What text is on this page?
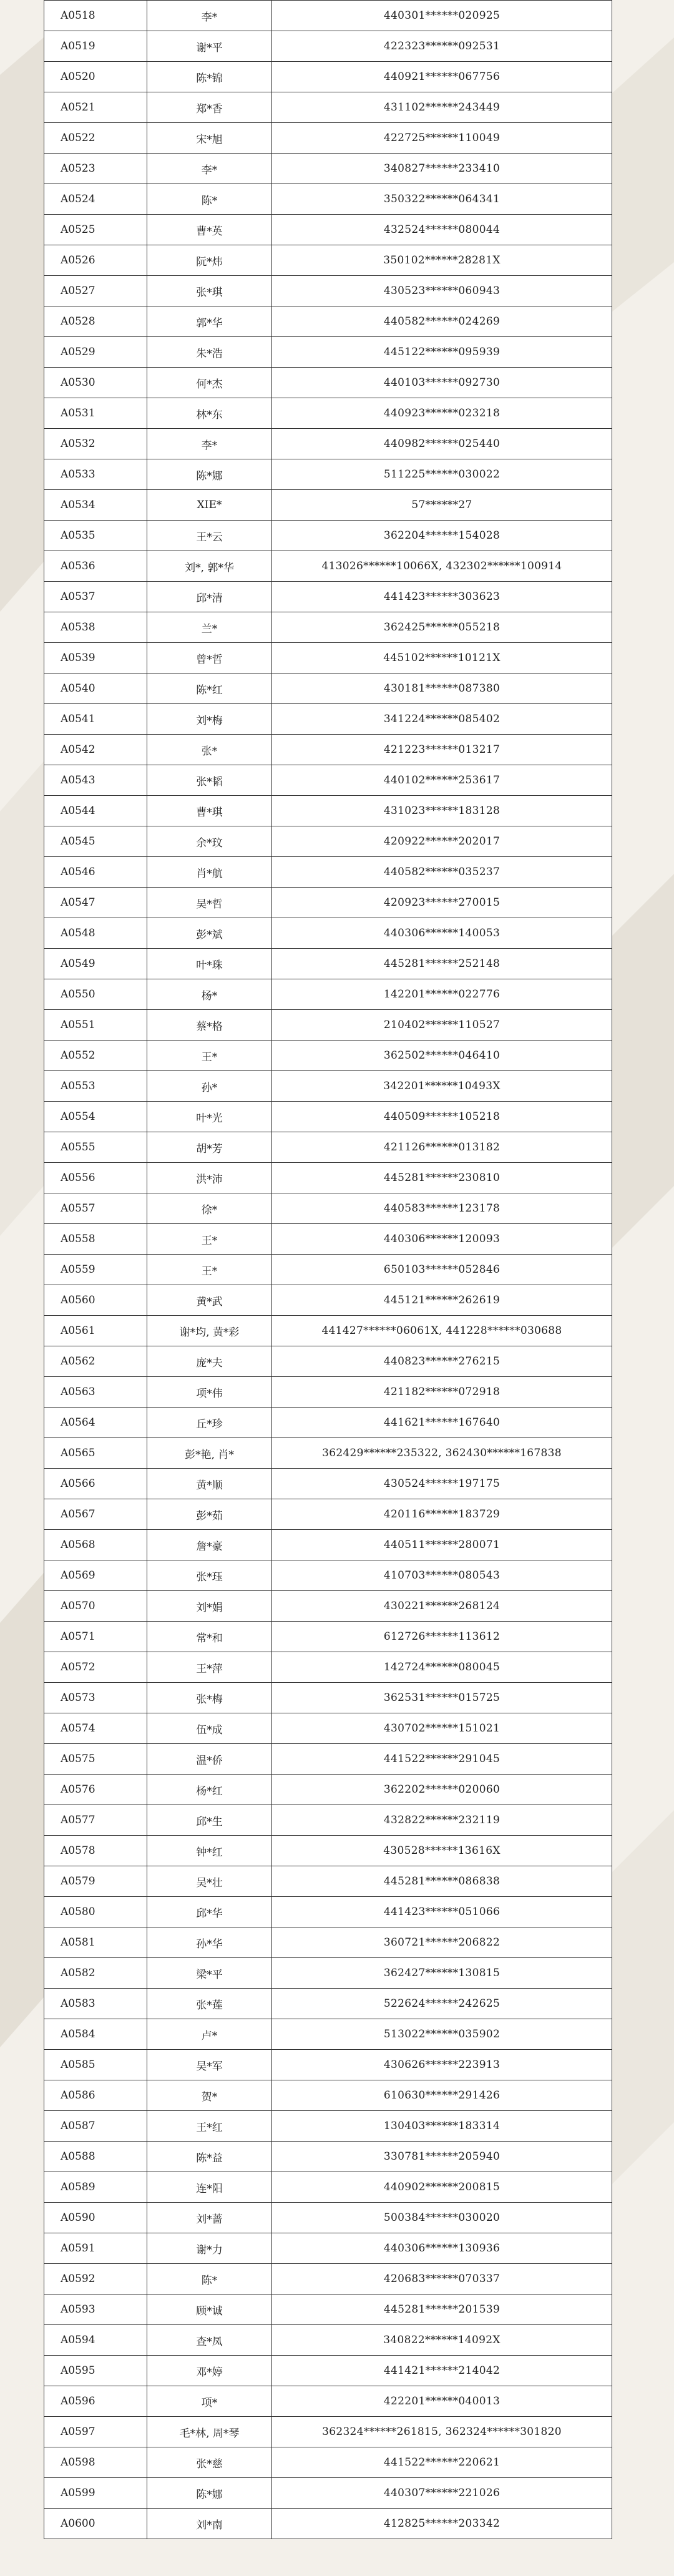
A0518	李*	440301******020925
A0519	谢*平	422323******092531
A0520	陈*锦	440921******067756
A0521	郑*香	431102******243449
A0522	宋*旭	422725******110049
A0523	李*	340827******233410
A0524	陈*	350322******064341
A0525	曹*英	432524******080044
A0526	阮*炜	350102******28281X
A0527	张*琪	430523******060943
A0528	郭*华	440582******024269
A0529	朱*浩	445122******095939
A0530	何*杰	440103******092730
A0531	林*东	440923******023218
A0532	李*	440982******025440
A0533	陈*娜	511225******030022
A0534	XIE*	57******27
A0535	王*云	362204******154028
A0536	刘*, 郭*华	413026******10066X, 432302******100914
A0537	邱*清	441423******303623
A0538	兰*	362425******055218
A0539	曾*哲	445102******10121X
A0540	陈*红	430181******087380
A0541	刘*梅	341224******085402
A0542	张*	421223******013217
A0543	张*韬	440102******253617
A0544	曹*琪	431023******183128
A0545	余*玟	420922******202017
A0546	肖*航	440582******035237
A0547	吴*哲	420923******270015
A0548	彭*斌	440306******140053
A0549	叶*珠	445281******252148
A0550	杨*	142201******022776
A0551	蔡*格	210402******110527
A0552	王*	362502******046410
A0553	孙*	342201******10493X
A0554	叶*光	440509******105218
A0555	胡*芳	421126******013182
A0556	洪*沛	445281******230810
A0557	徐*	440583******123178
A0558	王*	440306******120093
A0559	王*	650103******052846
A0560	黄*武	445121******262619
A0561	谢*均, 黄*彩	441427******06061X, 441228******030688
A0562	庞*夫	440823******276215
A0563	项*伟	421182******072918
A0564	丘*珍	441621******167640
A0565	彭*艳, 肖*	362429******235322, 362430******167838
A0566	黄*顺	430524******197175
A0567	彭*茹	420116******183729
A0568	詹*豪	440511******280071
A0569	张*珏	410703******080543
A0570	刘*娟	430221******268124
A0571	常*和	612726******113612
A0572	王*萍	142724******080045
A0573	张*梅	362531******015725
A0574	伍*成	430702******151021
A0575	温*侨	441522******291045
A0576	杨*红	362202******020060
A0577	邱*生	432822******232119
A0578	钟*红	430528******13616X
A0579	吴*壮	445281******086838
A0580	邱*华	441423******051066
A0581	孙*华	360721******206822
A0582	梁*平	362427******130815
A0583	张*莲	522624******242625
A0584	卢*	513022******035902
A0585	吴*军	430626******223913
A0586	贺*	610630******291426
A0587	王*红	130403******183314
A0588	陈*益	330781******205940
A0589	连*阳	440902******200815
A0590	刘*蔷	500384******030020
A0591	谢*力	440306******130936
A0592	陈*	420683******070337
A0593	顾*诚	445281******201539
A0594	查*凤	340822******14092X
A0595	邓*婷	441421******214042
A0596	项*	422201******040013
A0597	毛*林, 周*琴	362324******261815, 362324******301820
A0598	张*慈	441522******220621
A0599	陈*娜	440307******221026
A0600	刘*南	412825******203342
